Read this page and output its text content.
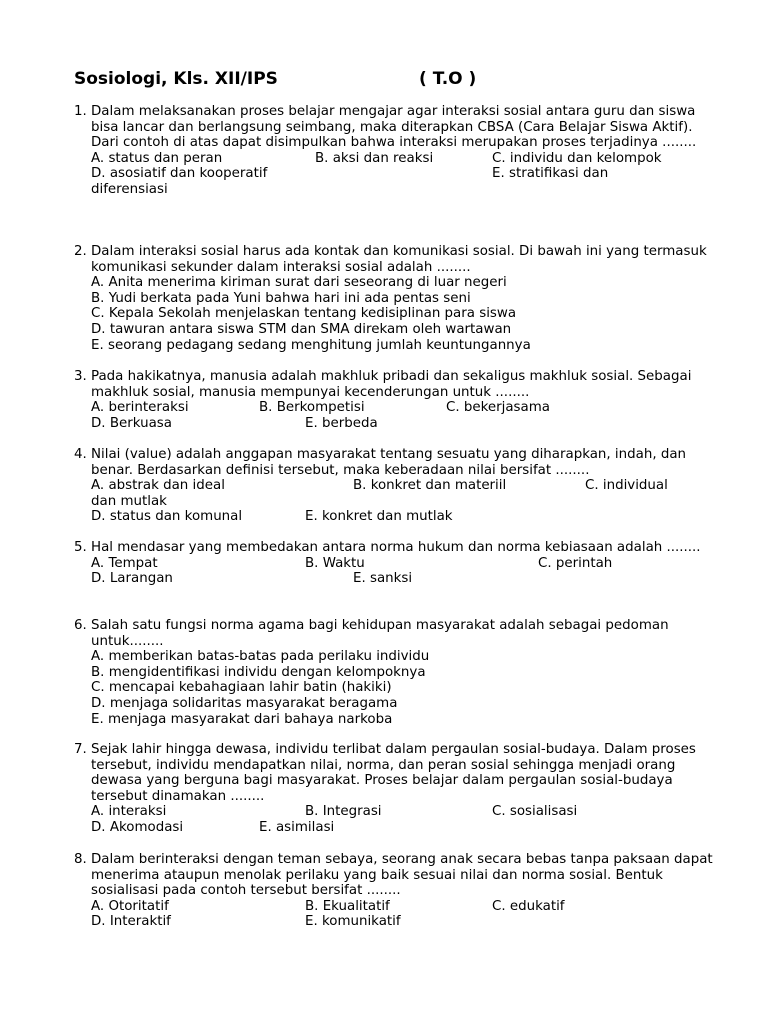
Sosiologi, Kls. XII/IPS	( T.O )
1. Dalam melaksanakan proses belajar mengajar agar interaksi sosial antara guru dan siswa bisa lancar dan berlangsung seimbang, maka diterapkan CBSA (Cara Belajar Siswa Aktif).

Dari contoh di atas dapat disimpulkan bahwa interaksi merupakan proses terjadinya ........

A. status dan peran	B. aksi dan reaksi	C. individu dan kelompok
D. asosiatif dan kooperatif	E. stratifikasi dan
diferensiasi
2. Dalam interaksi sosial harus ada kontak dan komunikasi sosial. Di bawah ini yang termasuk komunikasi sekunder dalam interaksi sosial adalah ........

A. Anita menerima kiriman surat dari seseorang di luar negeri
B. Yudi berkata pada Yuni bahwa hari ini ada pentas seni
C. Kepala Sekolah menjelaskan tentang kedisiplinan para siswa
D. tawuran antara siswa STM dan SMA direkam oleh wartawan
E. seorang pedagang sedang menghitung jumlah keuntungannya
3. Pada hakikatnya, manusia adalah makhluk pribadi dan sekaligus makhluk sosial. Sebagai makhluk sosial, manusia mempunyai kecenderungan untuk ........

A. berinteraksi	B. Berkompetisi	C. bekerjasama
D. Berkuasa	E. berbeda
4. Nilai (value) adalah anggapan masyarakat tentang sesuatu yang diharapkan, indah, dan benar. Berdasarkan definisi tersebut, maka keberadaan nilai bersifat ........

A. abstrak dan ideal	B. konkret dan materiil	C. individual
dan mutlak
D. status dan komunal	E. konkret dan mutlak
5. Hal mendasar yang membedakan antara norma hukum dan norma kebiasaan adalah ........

A. Tempat	B. Waktu	C. perintah
D. Larangan	E. sanksi
6. Salah satu fungsi norma agama bagi kehidupan masyarakat adalah sebagai pedoman untuk........

A. memberikan batas-batas pada perilaku individu
B. mengidentifikasi individu dengan kelompoknya
C. mencapai kebahagiaan lahir batin (hakiki)
D. menjaga solidaritas masyarakat beragama
E. menjaga masyarakat dari bahaya narkoba
7. Sejak lahir hingga dewasa, individu terlibat dalam pergaulan sosial-budaya. Dalam proses tersebut, individu mendapatkan nilai, norma, dan peran sosial sehingga menjadi orang dewasa yang berguna bagi masyarakat. Proses belajar dalam pergaulan sosial-budaya tersebut dinamakan ........

A. interaksi	B. Integrasi	C. sosialisasi
D. Akomodasi	E. asimilasi
8. Dalam berinteraksi dengan teman sebaya, seorang anak secara bebas tanpa paksaan dapat menerima ataupun menolak perilaku yang baik sesuai nilai dan norma sosial. Bentuk sosialisasi pada contoh tersebut bersifat ........

A. Otoritatif	B. Ekualitatif	C. edukatif
D. Interaktif	E. komunikatif
